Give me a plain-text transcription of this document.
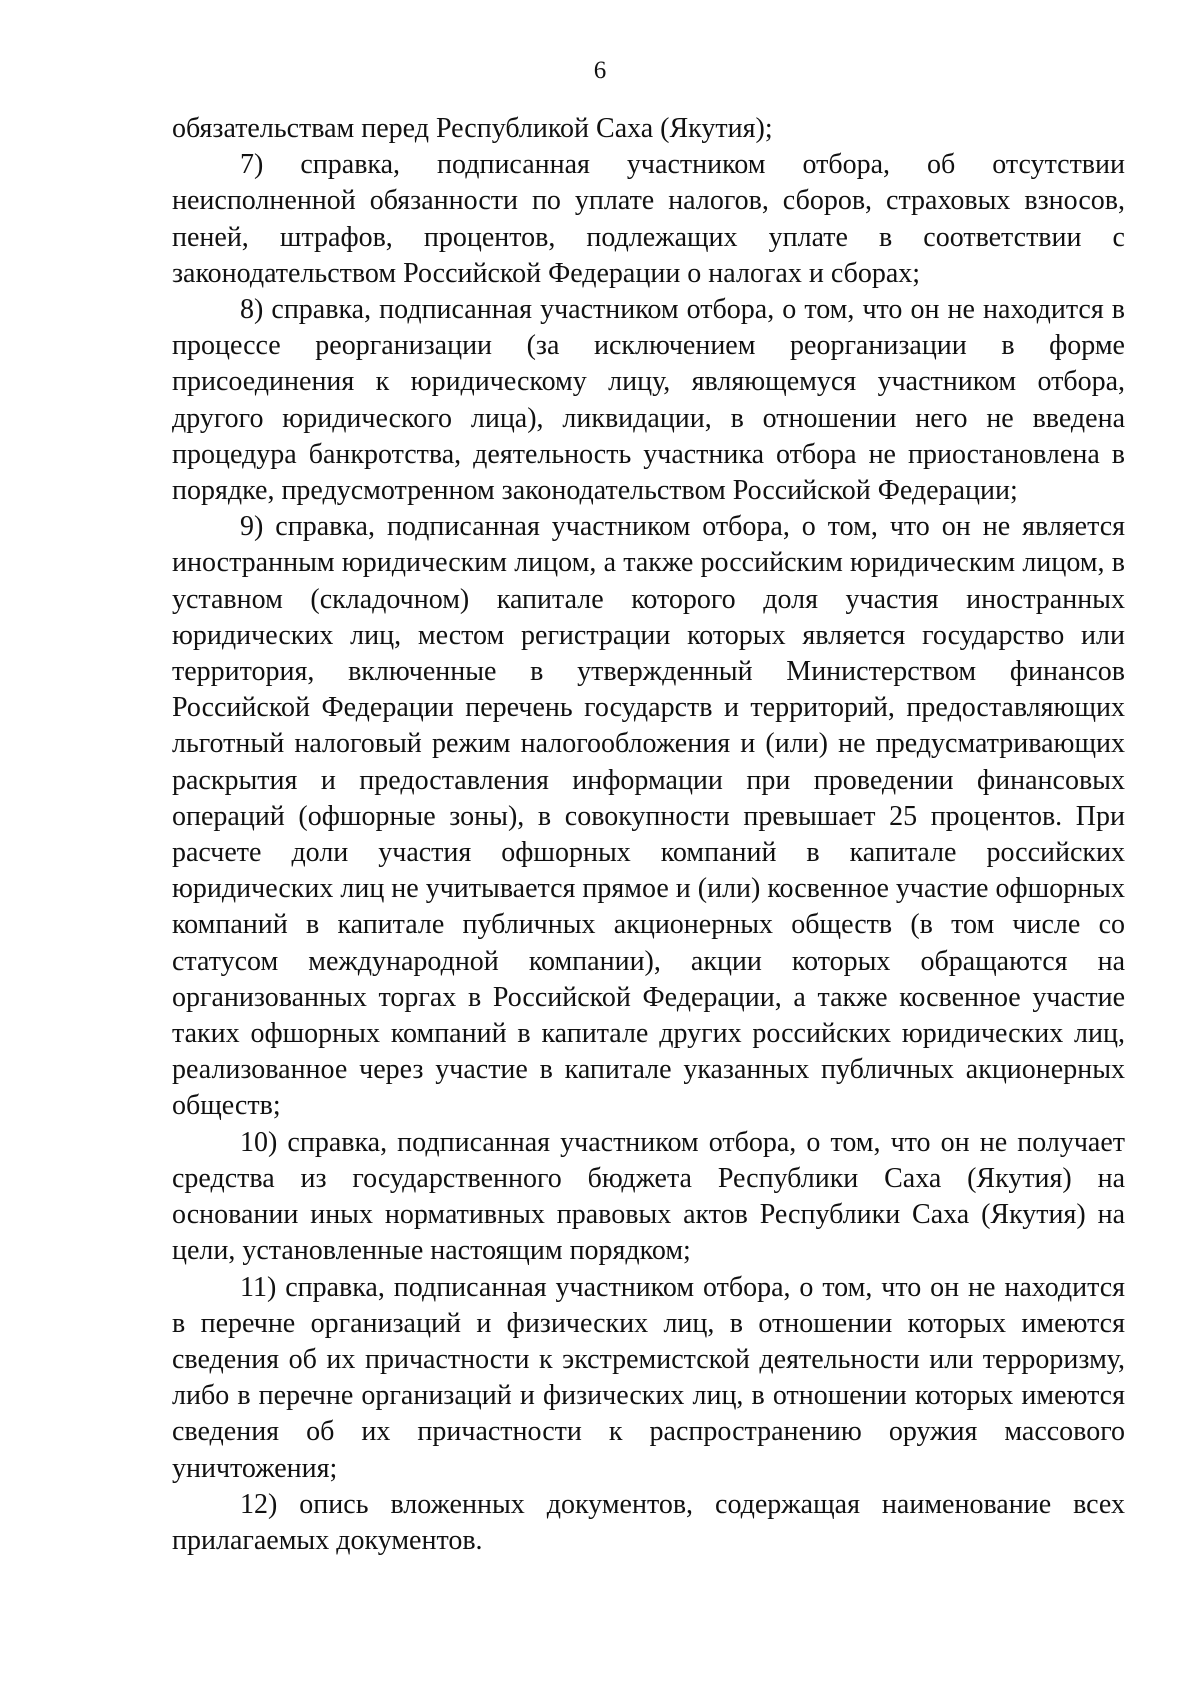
6

обязательствам перед Республикой Саха (Якутия);

7) справка, подписанная участником отбора, об отсутствии неисполненной обязанности по уплате налогов, сборов, страховых взносов, пеней, штрафов, процентов, подлежащих уплате в соответствии с законодательством Российской Федерации о налогах и сборах;

8) справка, подписанная участником отбора, о том, что он не находится в процессе реорганизации (за исключением реорганизации в форме присоединения к юридическому лицу, являющемуся участником отбора, другого юридического лица), ликвидации, в отношении него не введена процедура банкротства, деятельность участника отбора не приостановлена в порядке, предусмотренном законодательством Российской Федерации;

9) справка, подписанная участником отбора, о том, что он не является иностранным юридическим лицом, а также российским юридическим лицом, в уставном (складочном) капитале которого доля участия иностранных юридических лиц, местом регистрации которых является государство или территория, включенные в утвержденный Министерством финансов Российской Федерации перечень государств и территорий, предоставляющих льготный налоговый режим налогообложения и (или) не предусматривающих раскрытия и предоставления информации при проведении финансовых операций (офшорные зоны), в совокупности превышает 25 процентов. При расчете доли участия офшорных компаний в капитале российских юридических лиц не учитывается прямое и (или) косвенное участие офшорных компаний в капитале публичных акционерных обществ (в том числе со статусом международной компании), акции которых обращаются на организованных торгах в Российской Федерации, а также косвенное участие таких офшорных компаний в капитале других российских юридических лиц, реализованное через участие в капитале указанных публичных акционерных обществ;

10) справка, подписанная участником отбора, о том, что он не получает средства из государственного бюджета Республики Саха (Якутия) на основании иных нормативных правовых актов Республики Саха (Якутия) на цели, установленные настоящим порядком;

11) справка, подписанная участником отбора, о том, что он не находится в перечне организаций и физических лиц, в отношении которых имеются сведения об их причастности к экстремистской деятельности или терроризму, либо в перечне организаций и физических лиц, в отношении которых имеются сведения об их причастности к распространению оружия массового уничтожения;

12) опись вложенных документов, содержащая наименование всех прилагаемых документов.
